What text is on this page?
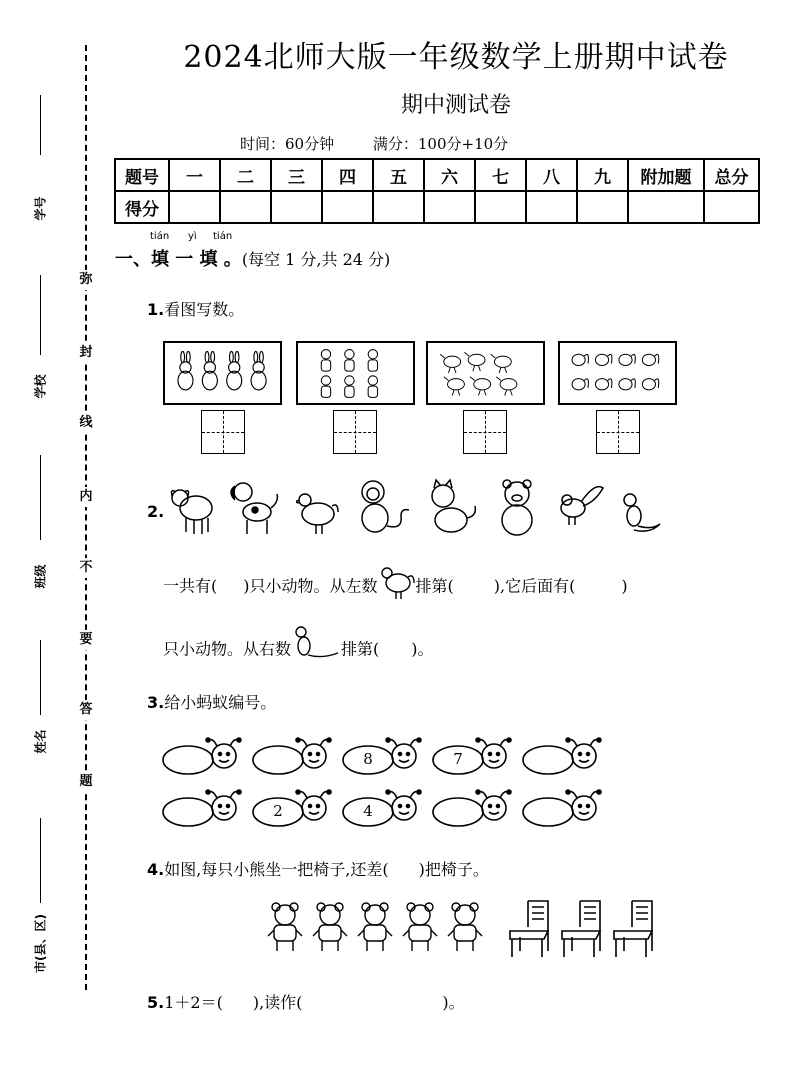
学号
学校
班级
姓名
市(县、区)
弥
封
线
内
不
要
答
题
2024北师大版一年级数学上册期中试卷
期中测试卷
时间：60分钟	满分：100分+10分
题号	一	二	三	四	五	六	七	八	九	附加题	总分
得分											
tián yì tián
一、填 一 填 。(每空 1 分,共 24 分)
1.看图写数。
2.
一共有( )只小动物。从左数 排第(	),它后面有(	)
只小动物。从右数	排第( )。
3.给小蚂蚁编号。
8	7
2	4
4.如图,每只小熊坐一把椅子,还差( )把椅子。
5.1＋2＝( ),读作(	)。
